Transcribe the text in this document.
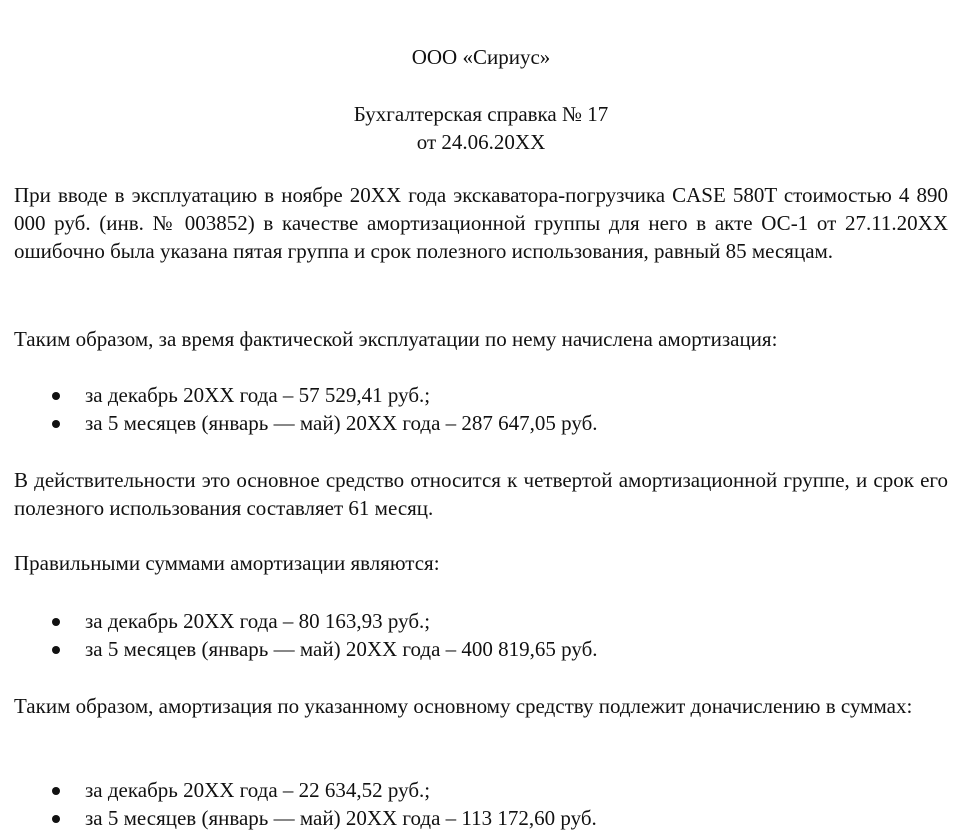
ООО «Сириус»
Бухгалтерская справка № 17
от 24.06.20ХХ

При вводе в эксплуатацию в ноябре 20ХХ года экскаватора-погрузчика CASE 580T стоимостью 4 890 000 руб. (инв. № 003852) в качестве амортизационной группы для него в акте ОС-1 от 27.11.20ХХ ошибочно была указана пятая группа и срок полезного использования, равный 85 месяцам.

Таким образом, за время фактической эксплуатации по нему начислена амортизация:

за декабрь 20ХХ года – 57 529,41 руб.;
за 5 месяцев (январь — май) 20ХХ года – 287 647,05 руб.

В действительности это основное средство относится к четвертой амортизационной группе, и срок его полезного использования составляет 61 месяц.

Правильными суммами амортизации являются:

за декабрь 20ХХ года – 80 163,93 руб.;
за 5 месяцев (январь — май) 20ХХ года – 400 819,65 руб.

Таким образом, амортизация по указанному основному средству подлежит доначислению в суммах:

за декабрь 20ХХ года – 22 634,52 руб.;
за 5 месяцев (январь — май) 20ХХ года – 113 172,60 руб.
